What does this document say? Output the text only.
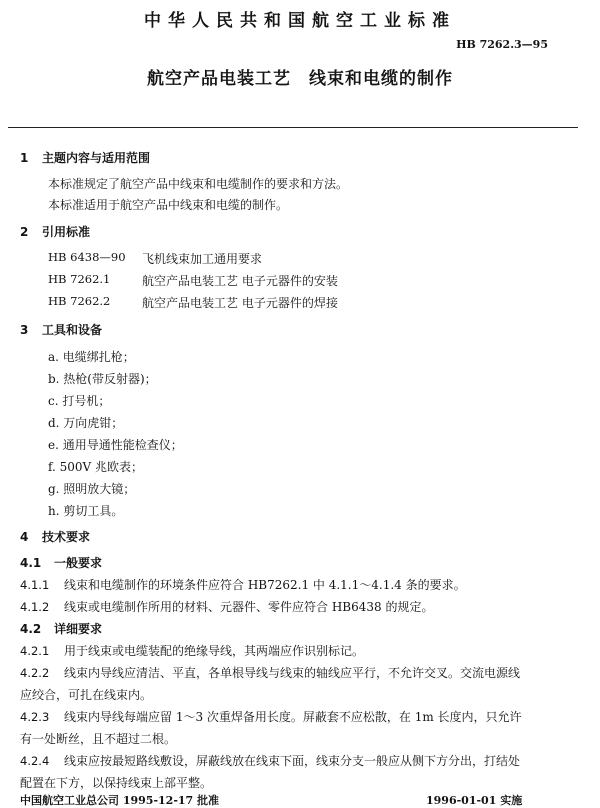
中华人民共和国航空工业标准
HB 7262.3—95
航空产品电装工艺　线束和电缆的制作
1 主题内容与适用范围
本标准规定了航空产品中线束和电缆制作的要求和方法。
本标准适用于航空产品中线束和电缆的制作。
2 引用标准
HB 6438—90 飞机线束加工通用要求
HB 7262.1	航空产品电装工艺 电子元器件的安装
HB 7262.2	航空产品电装工艺 电子元器件的焊接
3 工具和设备
a. 电缆绑扎枪；
b. 热枪(带反射器)；
c. 打号机；
d. 万向虎钳；
e. 通用导通性能检查仪；
f. 500V 兆欧表；
g. 照明放大镜；
h. 剪切工具。
4 技术要求
4.1 一般要求
4.1.1 线束和电缆制作的环境条件应符合 HB7262.1 中 4.1.1～4.1.4 条的要求。
4.1.2 线束或电缆制作所用的材料、元器件、零件应符合 HB6438 的规定。
4.2 详细要求
4.2.1 用于线束或电缆装配的绝缘导线，其两端应作识别标记。
4.2.2 线束内导线应清洁、平直，各单根导线与线束的轴线应平行，不允许交叉。交流电源线
应绞合，可扎在线束内。
4.2.3 线束内导线每端应留 1～3 次重焊备用长度。屏蔽套不应松散，在 1m 长度内，只允许
有一处断丝，且不超过二根。
4.2.4 线束应按最短路线敷设，屏蔽线放在线束下面，线束分支一般应从侧下方分出，打结处
配置在下方，以保持线束上部平整。
中国航空工业总公司 1995-12-17 批准	1996-01-01 实施
